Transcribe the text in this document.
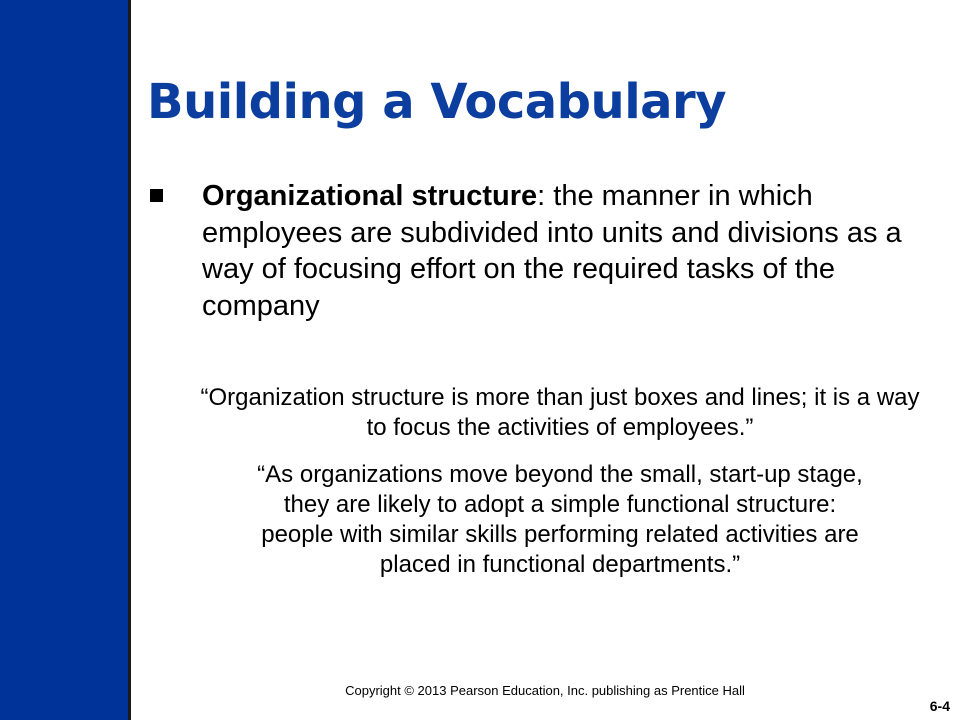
Building a Vocabulary

Organizational structure: the manner in which employees are subdivided into units and divisions as a way of focusing effort on the required tasks of the company

“Organization structure is more than just boxes and lines; it is a way to focus the activities of employees.”

“As organizations move beyond the small, start-up stage, they are likely to adopt a simple functional structure: people with similar skills performing related activities are placed in functional departments.”

Copyright © 2013 Pearson Education, Inc. publishing as Prentice Hall

6-4
